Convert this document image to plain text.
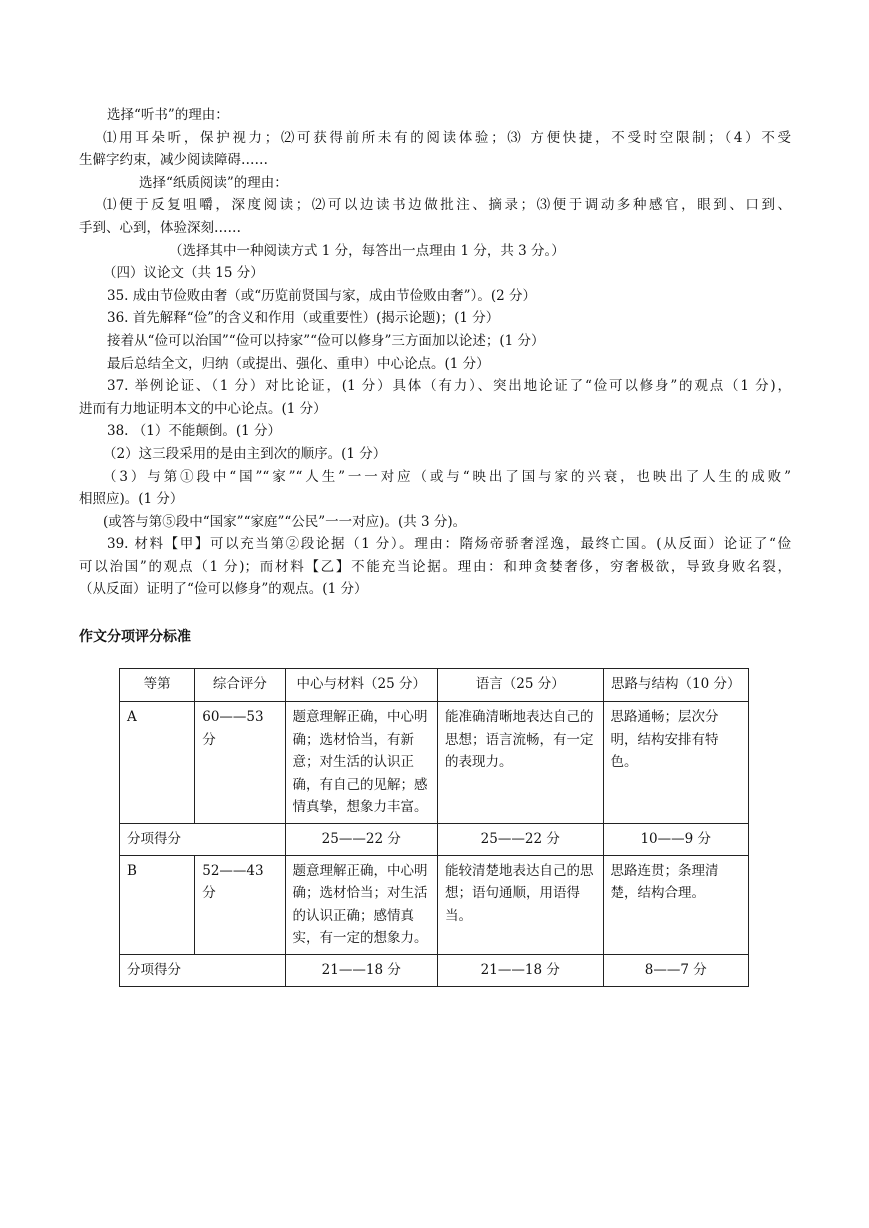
选择“听书”的理由：
⑴用耳朵听，保护视力；⑵可获得前所未有的阅读体验；⑶ 方便快捷，不受时空限制；（4）不受
生僻字约束，减少阅读障碍……
选择“纸质阅读”的理由：
⑴便于反复咀嚼，深度阅读；⑵可以边读书边做批注、摘录；⑶便于调动多种感官，眼到、口到、
手到、心到，体验深刻……
（选择其中一种阅读方式 1 分，每答出一点理由 1 分，共 3 分。）
（四）议论文（共 15 分）
35. 成由节俭败由奢（或“历览前贤国与家，成由节俭败由奢”）。(2 分）
36. 首先解释“俭”的含义和作用（或重要性）(揭示论题)；(1 分）
接着从“俭可以治国”“俭可以持家”“俭可以修身”三方面加以论述；(1 分）
最后总结全文，归纳（或提出、强化、重申）中心论点。(1 分）
37. 举例论证、（1 分）对比论证，(1 分）具体（有力）、突出地论证了“俭可以修身”的观点（1 分)，
进而有力地证明本文的中心论点。(1 分）
38. （1）不能颠倒。(1 分）
（2）这三段采用的是由主到次的顺序。(1 分）
（3）与第①段中“国”“家”“人生”一一对应（或与“映出了国与家的兴衰，也映出了人生的成败”
相照应)。(1 分）
(或答与第⑤段中“国家”“家庭”“公民”一一对应)。(共 3 分)。
39. 材料【甲】可以充当第②段论据（1 分）。理由：隋炀帝骄奢淫逸，最终亡国。(从反面）论证了“俭
可以治国”的观点（1 分)；而材料【乙】不能充当论据。理由：和珅贪婪奢侈，穷奢极欲，导致身败名裂，
（从反面）证明了“俭可以修身”的观点。(1 分）
作文分项评分标准
等第	综合评分	中心与材料（25 分）	语言（25 分）	思路与结构（10 分）
A	60——53 分	题意理解正确，中心明确；选材恰当，有新意；对生活的认识正确，有自己的见解；感情真挚，想象力丰富。	能准确清晰地表达自己的思想；语言流畅，有一定的表现力。	思路通畅；层次分明，结构安排有特色。
分项得分		25——22 分	25——22 分	10——9 分
B	52——43 分	题意理解正确，中心明确；选材恰当；对生活的认识正确；感情真实，有一定的想象力。	能较清楚地表达自己的思想；语句通顺，用语得当。	思路连贯；条理清楚，结构合理。
分项得分		21——18 分	21——18 分	8——7 分
